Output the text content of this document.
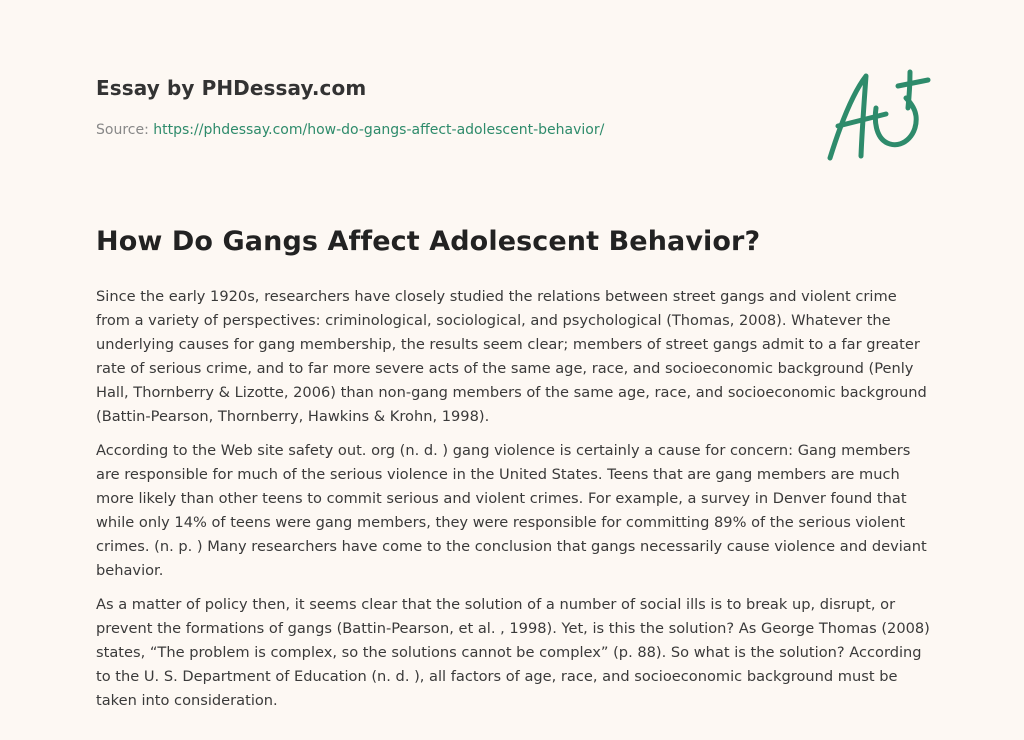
Essay by PHDessay.com
Source: https://phdessay.com/how-do-gangs-affect-adolescent-behavior/
How Do Gangs Affect Adolescent Behavior?

Since the early 1920s, researchers have closely studied the relations between street gangs and violent crime from a variety of perspectives: criminological, sociological, and psychological (Thomas, 2008). Whatever the underlying causes for gang membership, the results seem clear; members of street gangs admit to a far greater rate of serious crime, and to far more severe acts of the same age, race, and socioeconomic background (Penly Hall, Thornberry & Lizotte, 2006) than non-gang members of the same age, race, and socioeconomic background (Battin-Pearson, Thornberry, Hawkins & Krohn, 1998).

According to the Web site safety out. org (n. d. ) gang violence is certainly a cause for concern: Gang members are responsible for much of the serious violence in the United States. Teens that are gang members are much more likely than other teens to commit serious and violent crimes. For example, a survey in Denver found that while only 14% of teens were gang members, they were responsible for committing 89% of the serious violent crimes. (n. p. ) Many researchers have come to the conclusion that gangs necessarily cause violence and deviant behavior.

As a matter of policy then, it seems clear that the solution of a number of social ills is to break up, disrupt, or prevent the formations of gangs (Battin-Pearson, et al. , 1998). Yet, is this the solution? As George Thomas (2008) states, “The problem is complex, so the solutions cannot be complex” (p. 88). So what is the solution? According to the U. S. Department of Education (n. d. ), all factors of age, race, and socioeconomic background must be taken into consideration.
